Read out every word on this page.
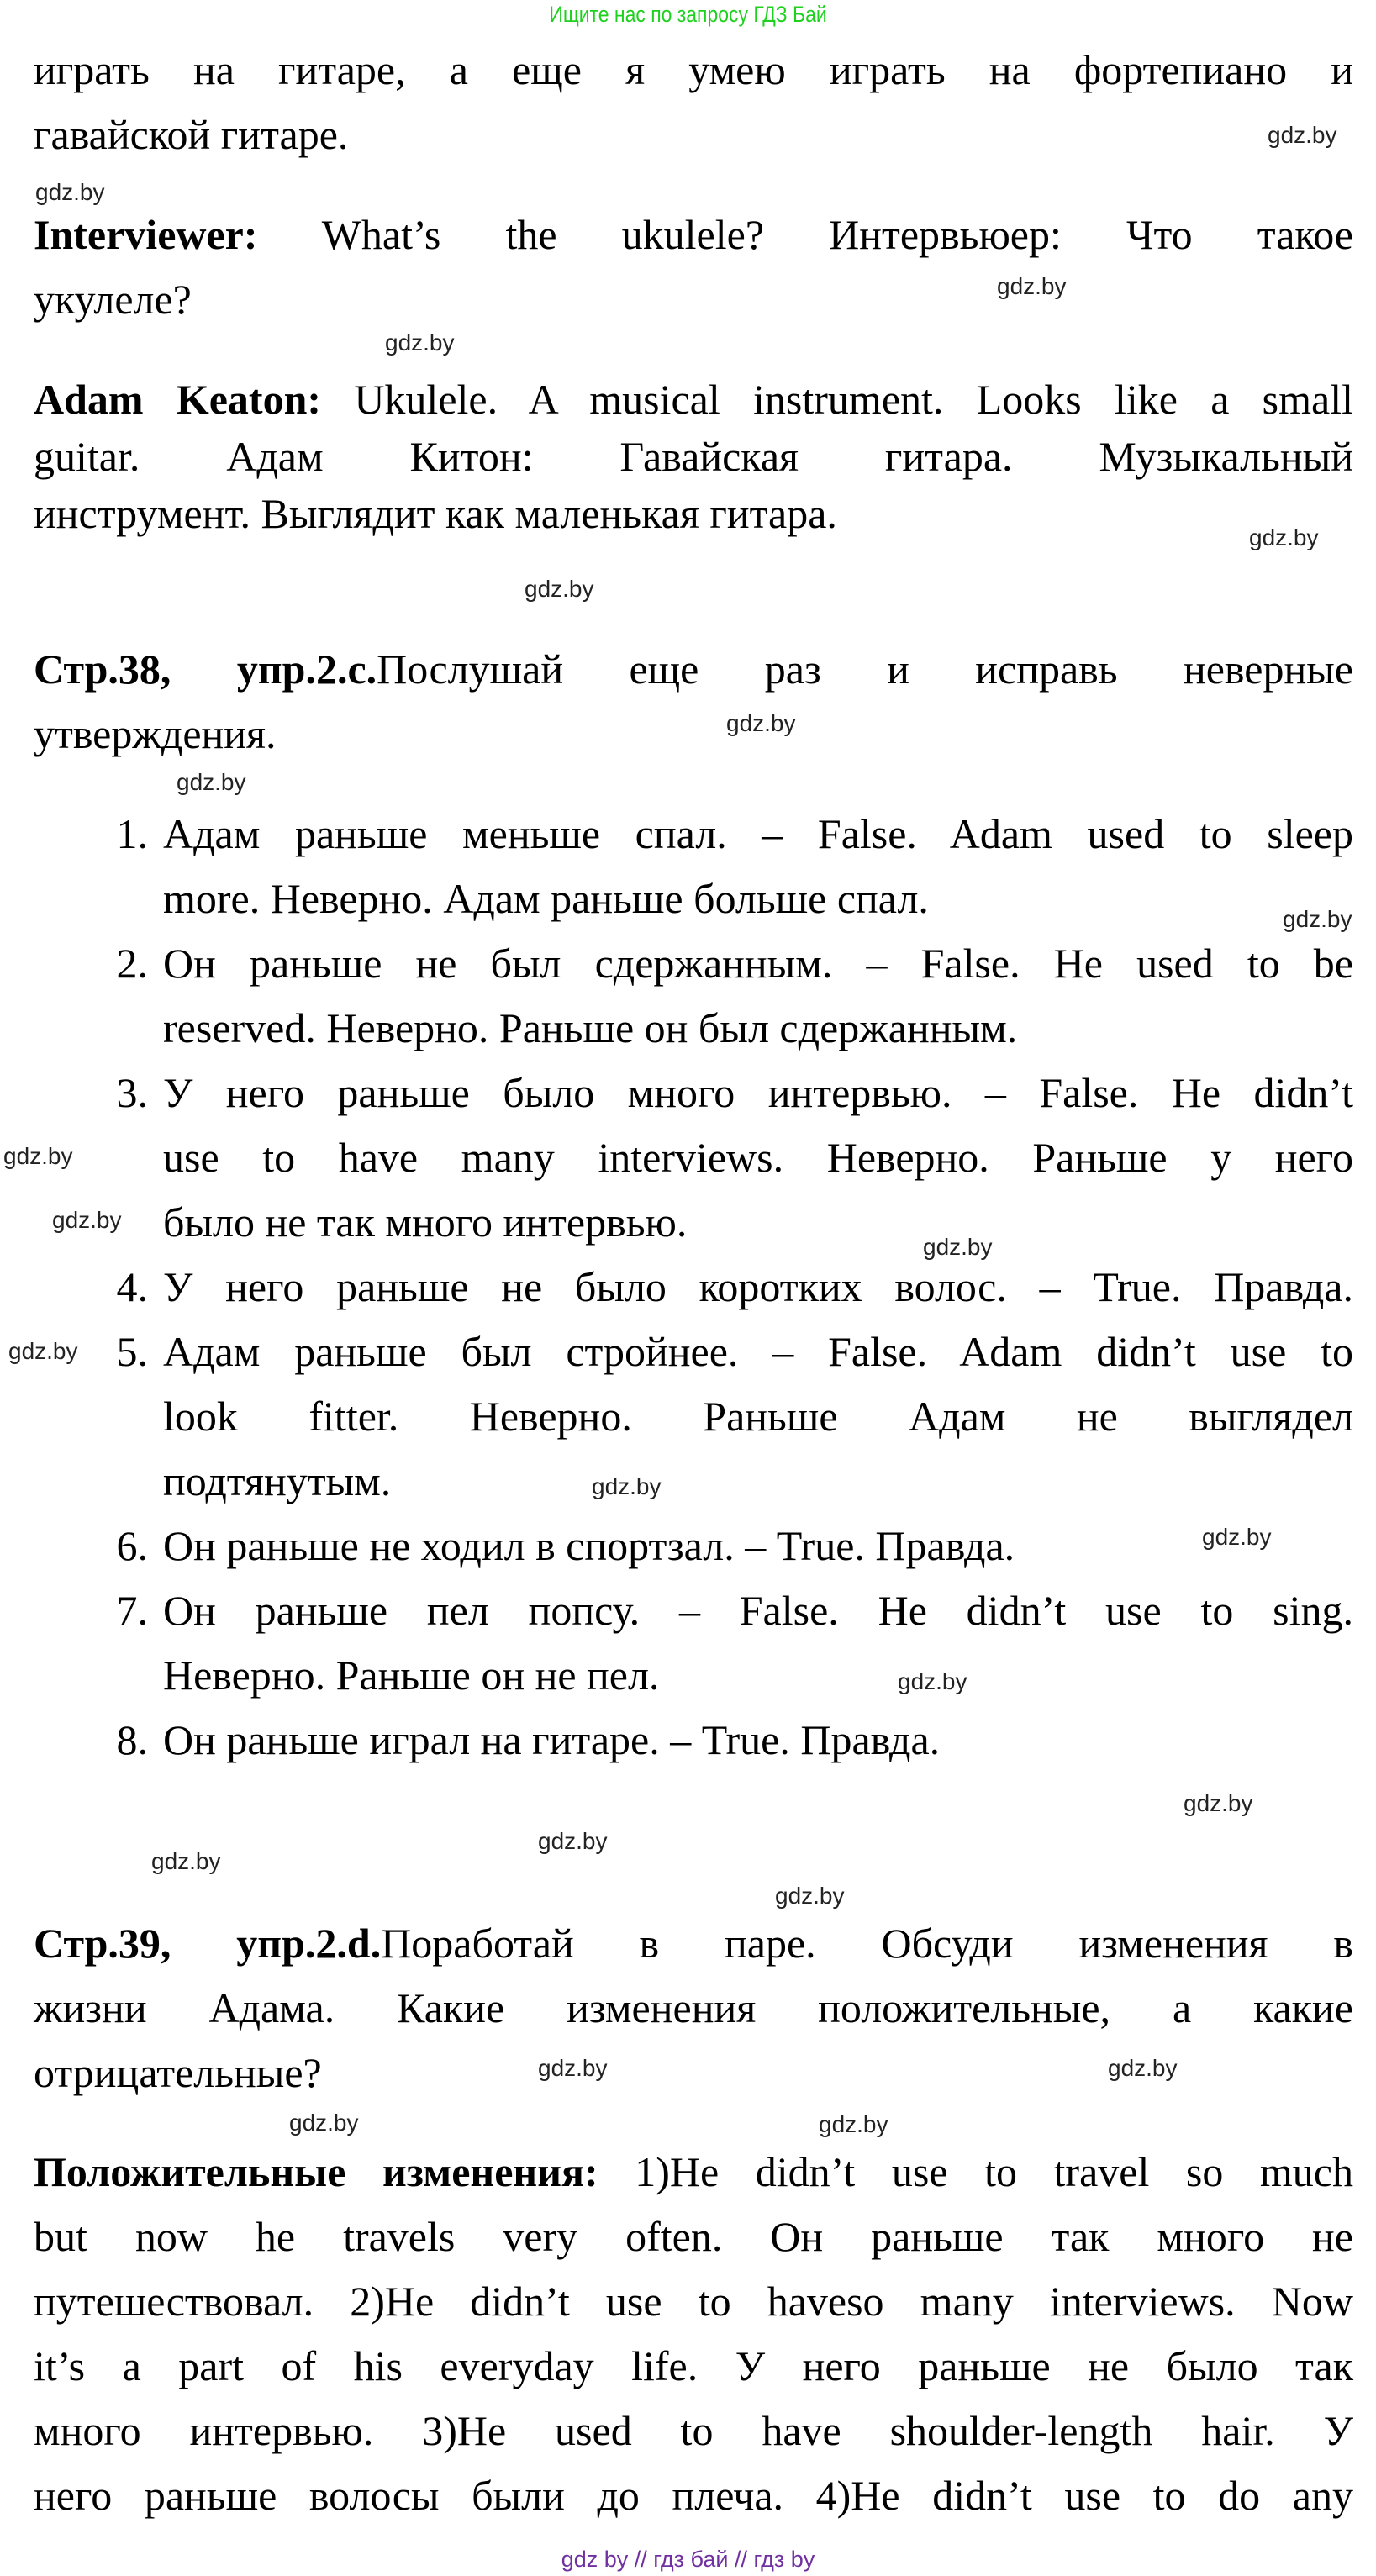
Ищите нас по запросу ГДЗ Бай
играть на гитаре, а еще я умею играть на фортепиано и
гавайской гитаре.
Interviewer: What’s the ukulele? Интервьюер: Что такое
укулеле?
Adam Keaton: Ukulele. A musical instrument. Looks like a small
guitar. Адам Китон: Гавайская гитара. Музыкальный
инструмент. Выглядит как маленькая гитара.
Стр.38, упр.2.с.Послушай еще раз и исправь неверные
утверждения.
1. Адам раньше меньше спал. – False. Adam used to sleep
more. Неверно. Адам раньше больше спал.
2. Он раньше не был сдержанным. – False. He used to be
reserved. Неверно. Раньше он был сдержанным.
3. У него раньше было много интервью. – False. He didn’t
use to have many interviews. Неверно. Раньше у него
было не так много интервью.
4. У него раньше не было коротких волос. – True. Правда.
5. Адам раньше был стройнее. – False. Adam didn’t use to
look fitter. Неверно. Раньше Адам не выглядел
подтянутым.
6. Он раньше не ходил в спортзал. – True. Правда.
7. Он раньше пел попсу. – False. He didn’t use to sing.
Неверно. Раньше он не пел.
8. Он раньше играл на гитаре. – True. Правда.
Стр.39, упр.2.d.Поработай в паре. Обсуди изменения в
жизни Адама. Какие изменения положительные, а какие
отрицательные?
Положительные изменения: 1)He didn’t use to travel so much
but now he travels very often. Он раньше так много не
путешествовал. 2)He didn’t use to haveso many interviews. Now
it’s a part of his everyday life. У него раньше не было так
много интервью. 3)He used to have shoulder-length hair. У
него раньше волосы были до плеча. 4)He didn’t use to do any
gdz.by
gdz.by
gdz.by
gdz.by
gdz.by
gdz.by
gdz.by
gdz.by
gdz.by
gdz.by
gdz.by
gdz.by
gdz.by
gdz.by
gdz.by
gdz.by
gdz.by
gdz.by
gdz.by
gdz.by
gdz.by
gdz.by
gdz.by
gdz.by
gdz by // гдз бай // гдз by
